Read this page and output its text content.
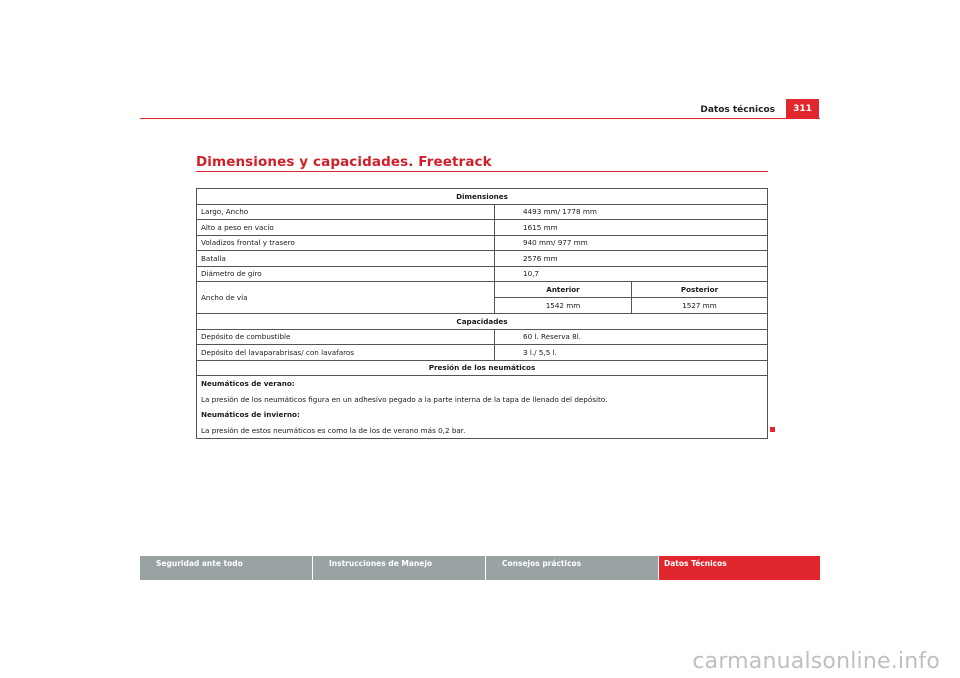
Datos técnicos	311
Dimensiones y capacidades. Freetrack
Dimensiones	
Largo, Ancho	4493 mm/ 1778 mm
Alto a peso en vacío	1615 mm
Voladizos frontal y trasero	940 mm/ 977 mm
Batalla	2576 mm
Diámetro de giro	10,7
Ancho de vía	Anterior Posterior
1542 mm 1527 mm

Capacidades	
Depósito de combustible	60 l. Reserva 8l.
Depósito del lavaparabrisas/ con lavafaros	3 l./ 5,5 l.
Presión de los neumáticos	

Neumáticos de verano:
La presión de los neumáticos figura en un adhesivo pegado a la parte interna de la tapa de llenado del depósito.
Neumáticos de invierno:
La presión de estos neumáticos es como la de los de verano más 0,2 bar.	
Seguridad ante todo	Instrucciones de Manejo	Consejos prácticos	Datos Técnicos
carmanualsonline.info
